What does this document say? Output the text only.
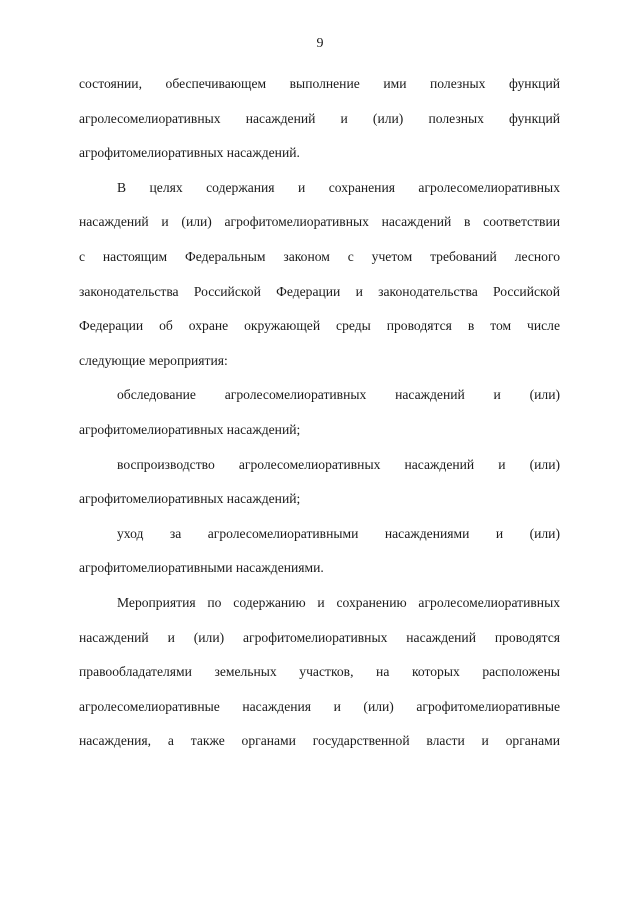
9
состоянии, обеспечивающем выполнение ими полезных функций
агролесомелиоративных насаждений и (или) полезных функций
агрофитомелиоративных насаждений.
В целях содержания и сохранения агролесомелиоративных
насаждений и (или) агрофитомелиоративных насаждений в соответствии
с настоящим Федеральным законом с учетом требований лесного
законодательства Российской Федерации и законодательства Российской
Федерации об охране окружающей среды проводятся в том числе
следующие мероприятия:
обследование агролесомелиоративных насаждений и (или)
агрофитомелиоративных насаждений;
воспроизводство агролесомелиоративных насаждений и (или)
агрофитомелиоративных насаждений;
уход за агролесомелиоративными насаждениями и (или)
агрофитомелиоративными насаждениями.
Мероприятия по содержанию и сохранению агролесомелиоративных
насаждений и (или) агрофитомелиоративных насаждений проводятся
правообладателями земельных участков, на которых расположены
агролесомелиоративные насаждения и (или) агрофитомелиоративные
насаждения, а также органами государственной власти и органами
